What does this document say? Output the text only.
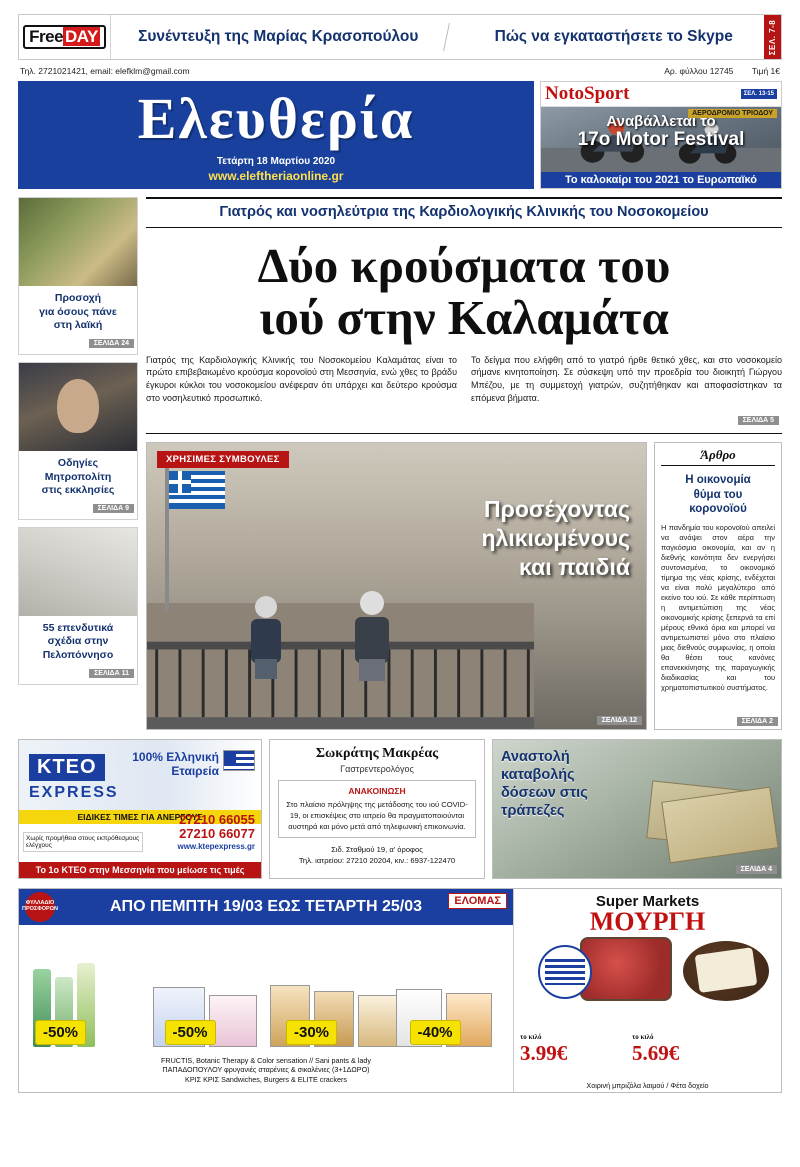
Free DAY	Συνέντευξη της Μαρίας Κρασοπούλου	Πώς να εγκαταστήσετε το Skype	ΣΕΛ. 7-8
Τηλ. 2721021421, email: elefklm@gmail.com	Αρ. φύλλου 12745 Τιμή 1€
Ελευθερία
Τετάρτη 18 Μαρτίου 2020
www.eleftheriaonline.gr
NotoSport	ΣΕΛ. 13-15
ΑΕΡΟΔΡΟΜΙΟ ΤΡΙΟΔΟΥ
Αναβάλλεται το
17ο Motor Festival
Το καλοκαίρι του 2021 το Ευρωπαϊκό
Προσοχή
για όσους πάνε
στη λαϊκή
ΣΕΛΙΔΑ 24
Οδηγίες
Μητροπολίτη
στις εκκλησίες
ΣΕΛΙΔΑ 9
55 επενδυτικά
σχέδια στην
Πελοπόννησο
ΣΕΛΙΔΑ 11
Γιατρός και νοσηλεύτρια της Καρδιολογικής Κλινικής του Νοσοκομείου
Δύο κρούσματα του
ιού στην Καλαμάτα

Γιατρός της Καρδιολογικής Κλινικής του Νοσοκομείου Καλαμάτας είναι το πρώτο επιβεβαιωμένο κρούσμα κορονοϊού στη Μεσσηνία, ενώ χθες το βράδυ έγκυροι κύκλοι του νοσοκομείου ανέφεραν ότι υπάρχει και δεύτερο κρούσμα στο νοσηλευτικό προσωπικό.

Το δείγμα που ελήφθη από το γιατρό ήρθε θετικό χθες, και στο νοσοκομείο σήμανε κινητοποίηση. Σε σύσκεψη υπό την προεδρία του διοικητή Γιώργου Μπέζου, με τη συμμετοχή γιατρών, συζητήθηκαν και αποφασίστηκαν τα επόμενα βήματα.

ΣΕΛΙΔΑ 5
ΧΡΗΣΙΜΕΣ ΣΥΜΒΟΥΛΕΣ
Προσέχοντας
ηλικιωμένους
και παιδιά
ΣΕΛΙΔΑ 12
Άρθρο
Η οικονομία
θύμα του
κορονοϊού
Η πανδημία του κορονοϊού απειλεί να ανάψει στον αέρα την παγκόσμια οικονομία, και αν η διεθνής κοινότητα δεν ενεργήσει συντονισμένα, το οικονομικό τίμημα της νέας κρίσης, ενδέχεται να είναι πολύ μεγαλύτερο από εκείνο του ιού. Σε κάθε περίπτωση η αντιμετώπιση της νέας οικονομικής κρίσης ξεπερνά τα επί μέρους εθνικά όρια και μπορεί να αντιμετωπιστεί μόνο στο πλαίσιο μιας διεθνούς συμφωνίας, η οποία θα θέσει τους κανόνες επανεκκίνησης της παραγωγικής διαδικασίας και του χρηματοπιστωτικού συστήματος.
ΣΕΛΙΔΑ 2
KTEO
EXPRESS
100% Ελληνική
Εταιρεία
ΕΙΔΙΚΕΣ ΤΙΜΕΣ ΓΙΑ ΑΝΕΡΓΟΥΣ
Χωρίς προμήθεια στους εκπρόθεσμους ελέγχους
27210 66055
27210 66077
www.ktepexpress.gr
Το 1ο ΚΤΕΟ στην Μεσσηνία που μείωσε τις τιμές
Σωκράτης Μακρέας
Γαστρεντερολόγος
ΑΝΑΚΟΙΝΩΣΗ
Στο πλαίσιο πρόληψης της μετάδοσης του ιού COVID-19, οι επισκέψεις στο ιατρείο θα πραγματοποιούνται αυστηρά και μόνο μετά από τηλεφωνική επικοινωνία.
Σιδ. Σταθμού 19, α' όροφος
Τηλ. ιατρείου: 27210 20204, κιν.: 6937-122470
Αναστολή
καταβολής
δόσεων στις
τράπεζες
ΣΕΛΙΔΑ 4
ΦΥΛΛΑΔΙΟ ΠΡΟΣΦΟΡΩΝ	ΑΠΟ ΠΕΜΠΤΗ 19/03 ΕΩΣ ΤΕΤΑΡΤΗ 25/03	ΕΛΟΜΑΣ
-50%	-50%	-30%	-40%
FRUCTIS, Botanic Therapy & Color sensation // Sani pants & lady
ΠΑΠΑΔΟΠΟΥΛΟΥ φρυγανιές σταρένιες & σικαλένιες (3+1ΔΩΡΟ)
ΚΡΙΣ ΚΡΙΣ Sandwiches, Burgers & ELITE crackers
Super Markets
ΜΟΥΡΓΗ
το κιλό
3.99€
το κιλό
5.69€
Χοιρινή μπριζόλα λαιμού / Φέτα δοχείο
